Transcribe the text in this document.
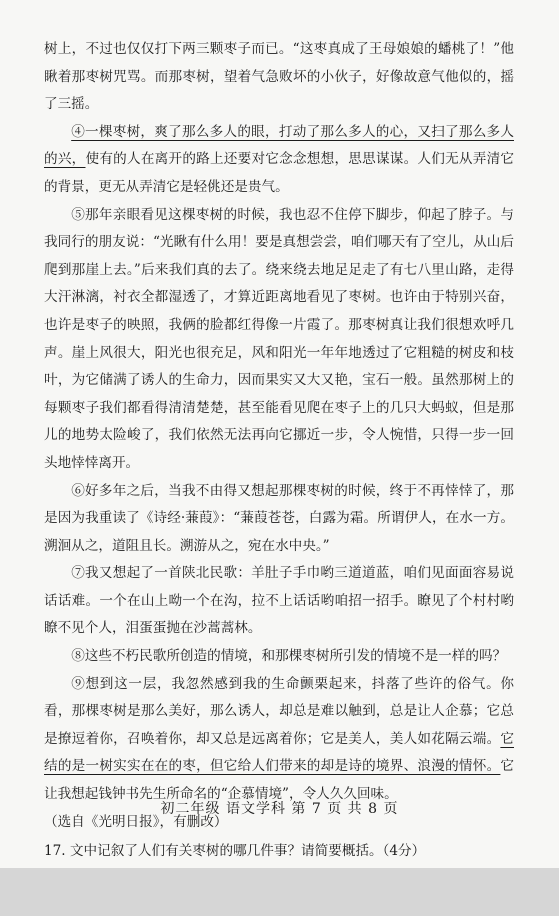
树上，不过也仅仅打下两三颗枣子而已。“这枣真成了王母娘娘的蟠桃了！”他瞅着那枣树咒骂。而那枣树，望着气急败坏的小伙子，好像故意气他似的，摇了三摇。

④一棵枣树，爽了那么多人的眼，打动了那么多人的心，又扫了那么多人的兴，使有的人在离开的路上还要对它念念想想，思思谋谋。人们无从弄清它的背景，更无从弄清它是轻佻还是贵气。

⑤那年亲眼看见这棵枣树的时候，我也忍不住停下脚步，仰起了脖子。与我同行的朋友说：“光瞅有什么用！要是真想尝尝，咱们哪天有了空儿，从山后爬到那崖上去。”后来我们真的去了。绕来绕去地足足走了有七八里山路，走得大汗淋漓，衬衣全都湿透了，才算近距离地看见了枣树。也许由于特别兴奋，也许是枣子的映照，我俩的脸都红得像一片霞了。那枣树真让我们很想欢呼几声。崖上风很大，阳光也很充足，风和阳光一年年地透过了它粗糙的树皮和枝叶，为它储满了诱人的生命力，因而果实又大又艳，宝石一般。虽然那树上的每颗枣子我们都看得清清楚楚，甚至能看见爬在枣子上的几只大蚂蚁，但是那儿的地势太险峻了，我们依然无法再向它挪近一步，令人惋惜，只得一步一回头地悻悻离开。

⑥好多年之后，当我不由得又想起那棵枣树的时候，终于不再悻悻了，那是因为我重读了《诗经·蒹葭》：“蒹葭苍苍，白露为霜。所谓伊人，在水一方。溯洄从之，道阻且长。溯游从之，宛在水中央。”

⑦我又想起了一首陕北民歌：羊肚子手巾哟三道道蓝，咱们见面面容易说话话难。一个在山上呦一个在沟，拉不上话话哟咱招一招手。瞭见了个村村哟瞭不见个人，泪蛋蛋抛在沙蒿蒿林。

⑧这些不朽民歌所创造的情境，和那棵枣树所引发的情境不是一样的吗？

⑨想到这一层，我忽然感到我的生命颤栗起来，抖落了些许的俗气。你看，那棵枣树是那么美好，那么诱人，却总是难以触到，总是让人企慕；它总是撩逗着你，召唤着你，却又总是远离着你；它是美人，美人如花隔云端。它结的是一树实实在在的枣，但它给人们带来的却是诗的境界、浪漫的情怀。它让我想起钱钟书先生所命名的“企慕情境”，令人久久回味。

（选自《光明日报》，有删改）

17. 文中记叙了人们有关枣树的哪几件事？请简要概括。（4分）

初二年级 语文学科 第 7 页 共 8 页
